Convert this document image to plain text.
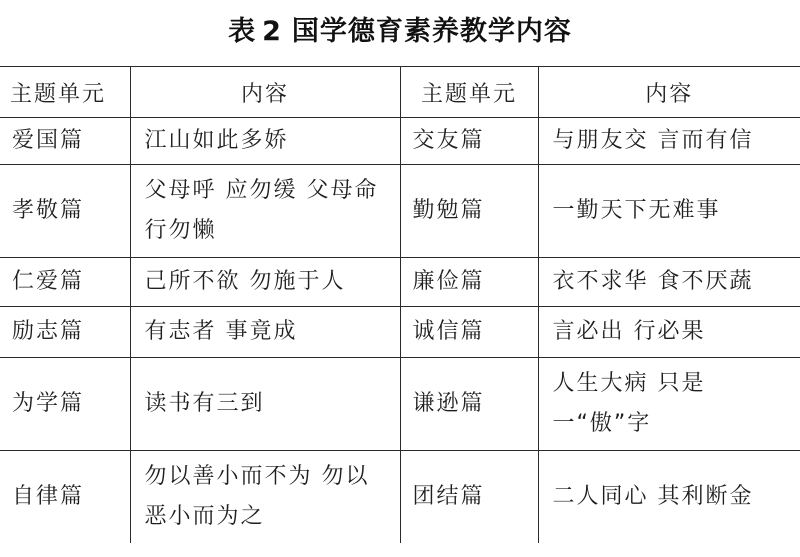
表 2 国学德育素养教学内容
主题单元	内容	主题单元	内容
爱国篇	江山如此多娇	交友篇	与朋友交 言而有信
孝敬篇	父母呼 应勿缓 父母命 行勿懒	勤勉篇	一勤天下无难事
仁爱篇	己所不欲 勿施于人	廉俭篇	衣不求华 食不厌蔬
励志篇	有志者 事竟成	诚信篇	言必出 行必果
为学篇	读书有三到	谦逊篇	人生大病 只是一“傲”字
自律篇	勿以善小而不为 勿以恶小而为之	团结篇	二人同心 其利断金
